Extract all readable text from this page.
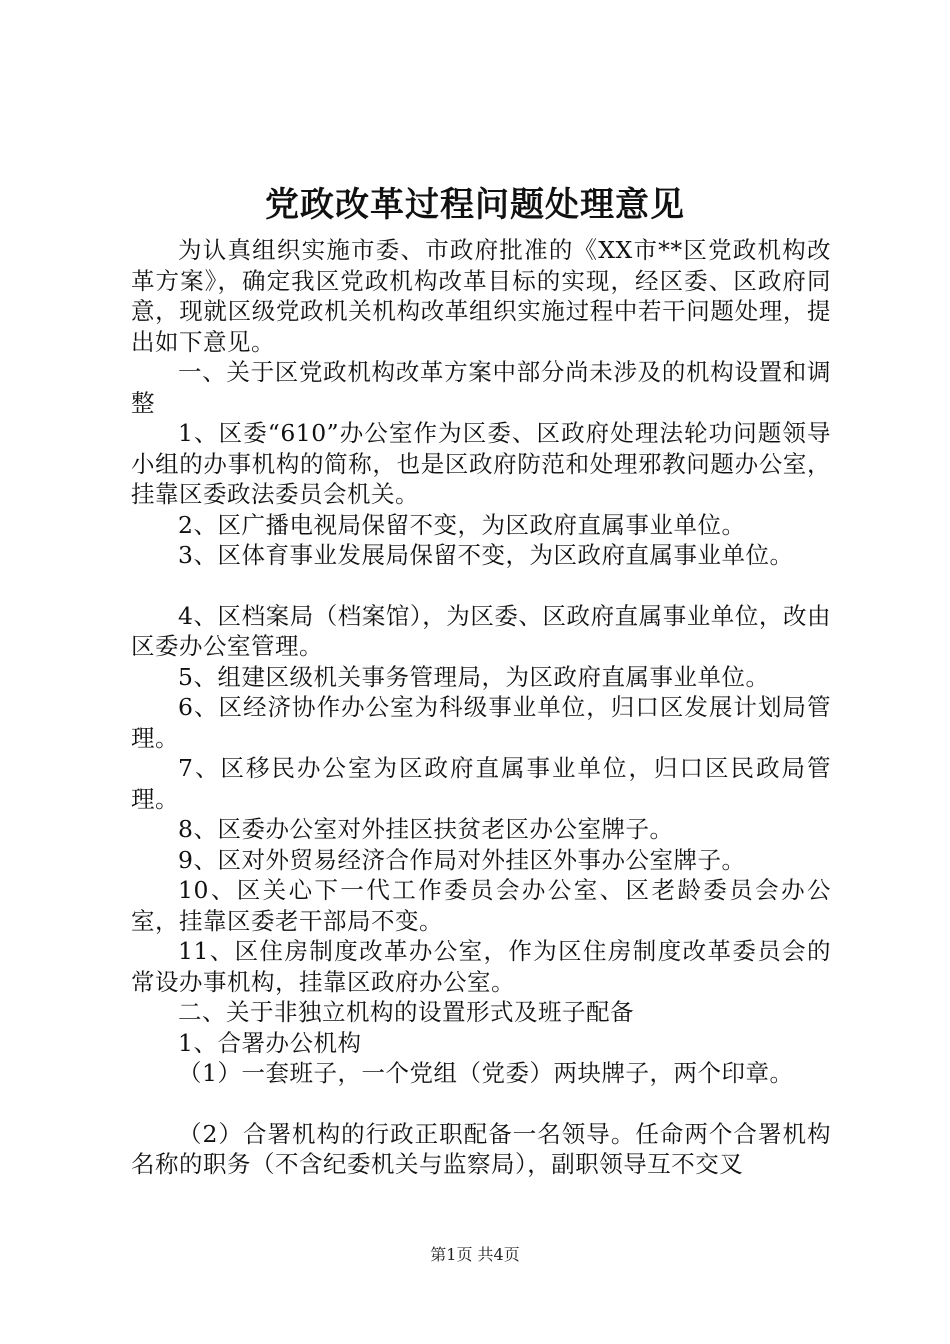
党政改革过程问题处理意见

为认真组织实施市委、市政府批准的《XX市**区党政机构改革方案》，确定我区党政机构改革目标的实现，经区委、区政府同意，现就区级党政机关机构改革组织实施过程中若干问题处理，提出如下意见。

一、关于区党政机构改革方案中部分尚未涉及的机构设置和调整

1、区委“610”办公室作为区委、区政府处理法轮功问题领导小组的办事机构的简称，也是区政府防范和处理邪教问题办公室，挂靠区委政法委员会机关。

2、区广播电视局保留不变，为区政府直属事业单位。

3、区体育事业发展局保留不变，为区政府直属事业单位。

4、区档案局（档案馆），为区委、区政府直属事业单位，改由区委办公室管理。

5、组建区级机关事务管理局，为区政府直属事业单位。

6、区经济协作办公室为科级事业单位，归口区发展计划局管理。

7、区移民办公室为区政府直属事业单位，归口区民政局管理。

8、区委办公室对外挂区扶贫老区办公室牌子。

9、区对外贸易经济合作局对外挂区外事办公室牌子。

10、区关心下一代工作委员会办公室、区老龄委员会办公室，挂靠区委老干部局不变。

11、区住房制度改革办公室，作为区住房制度改革委员会的常设办事机构，挂靠区政府办公室。

二、关于非独立机构的设置形式及班子配备

1、合署办公机构

（1）一套班子，一个党组（党委）两块牌子，两个印章。

（2）合署机构的行政正职配备一名领导。任命两个合署机构名称的职务（不含纪委机关与监察局），副职领导互不交叉

第1页 共4页
